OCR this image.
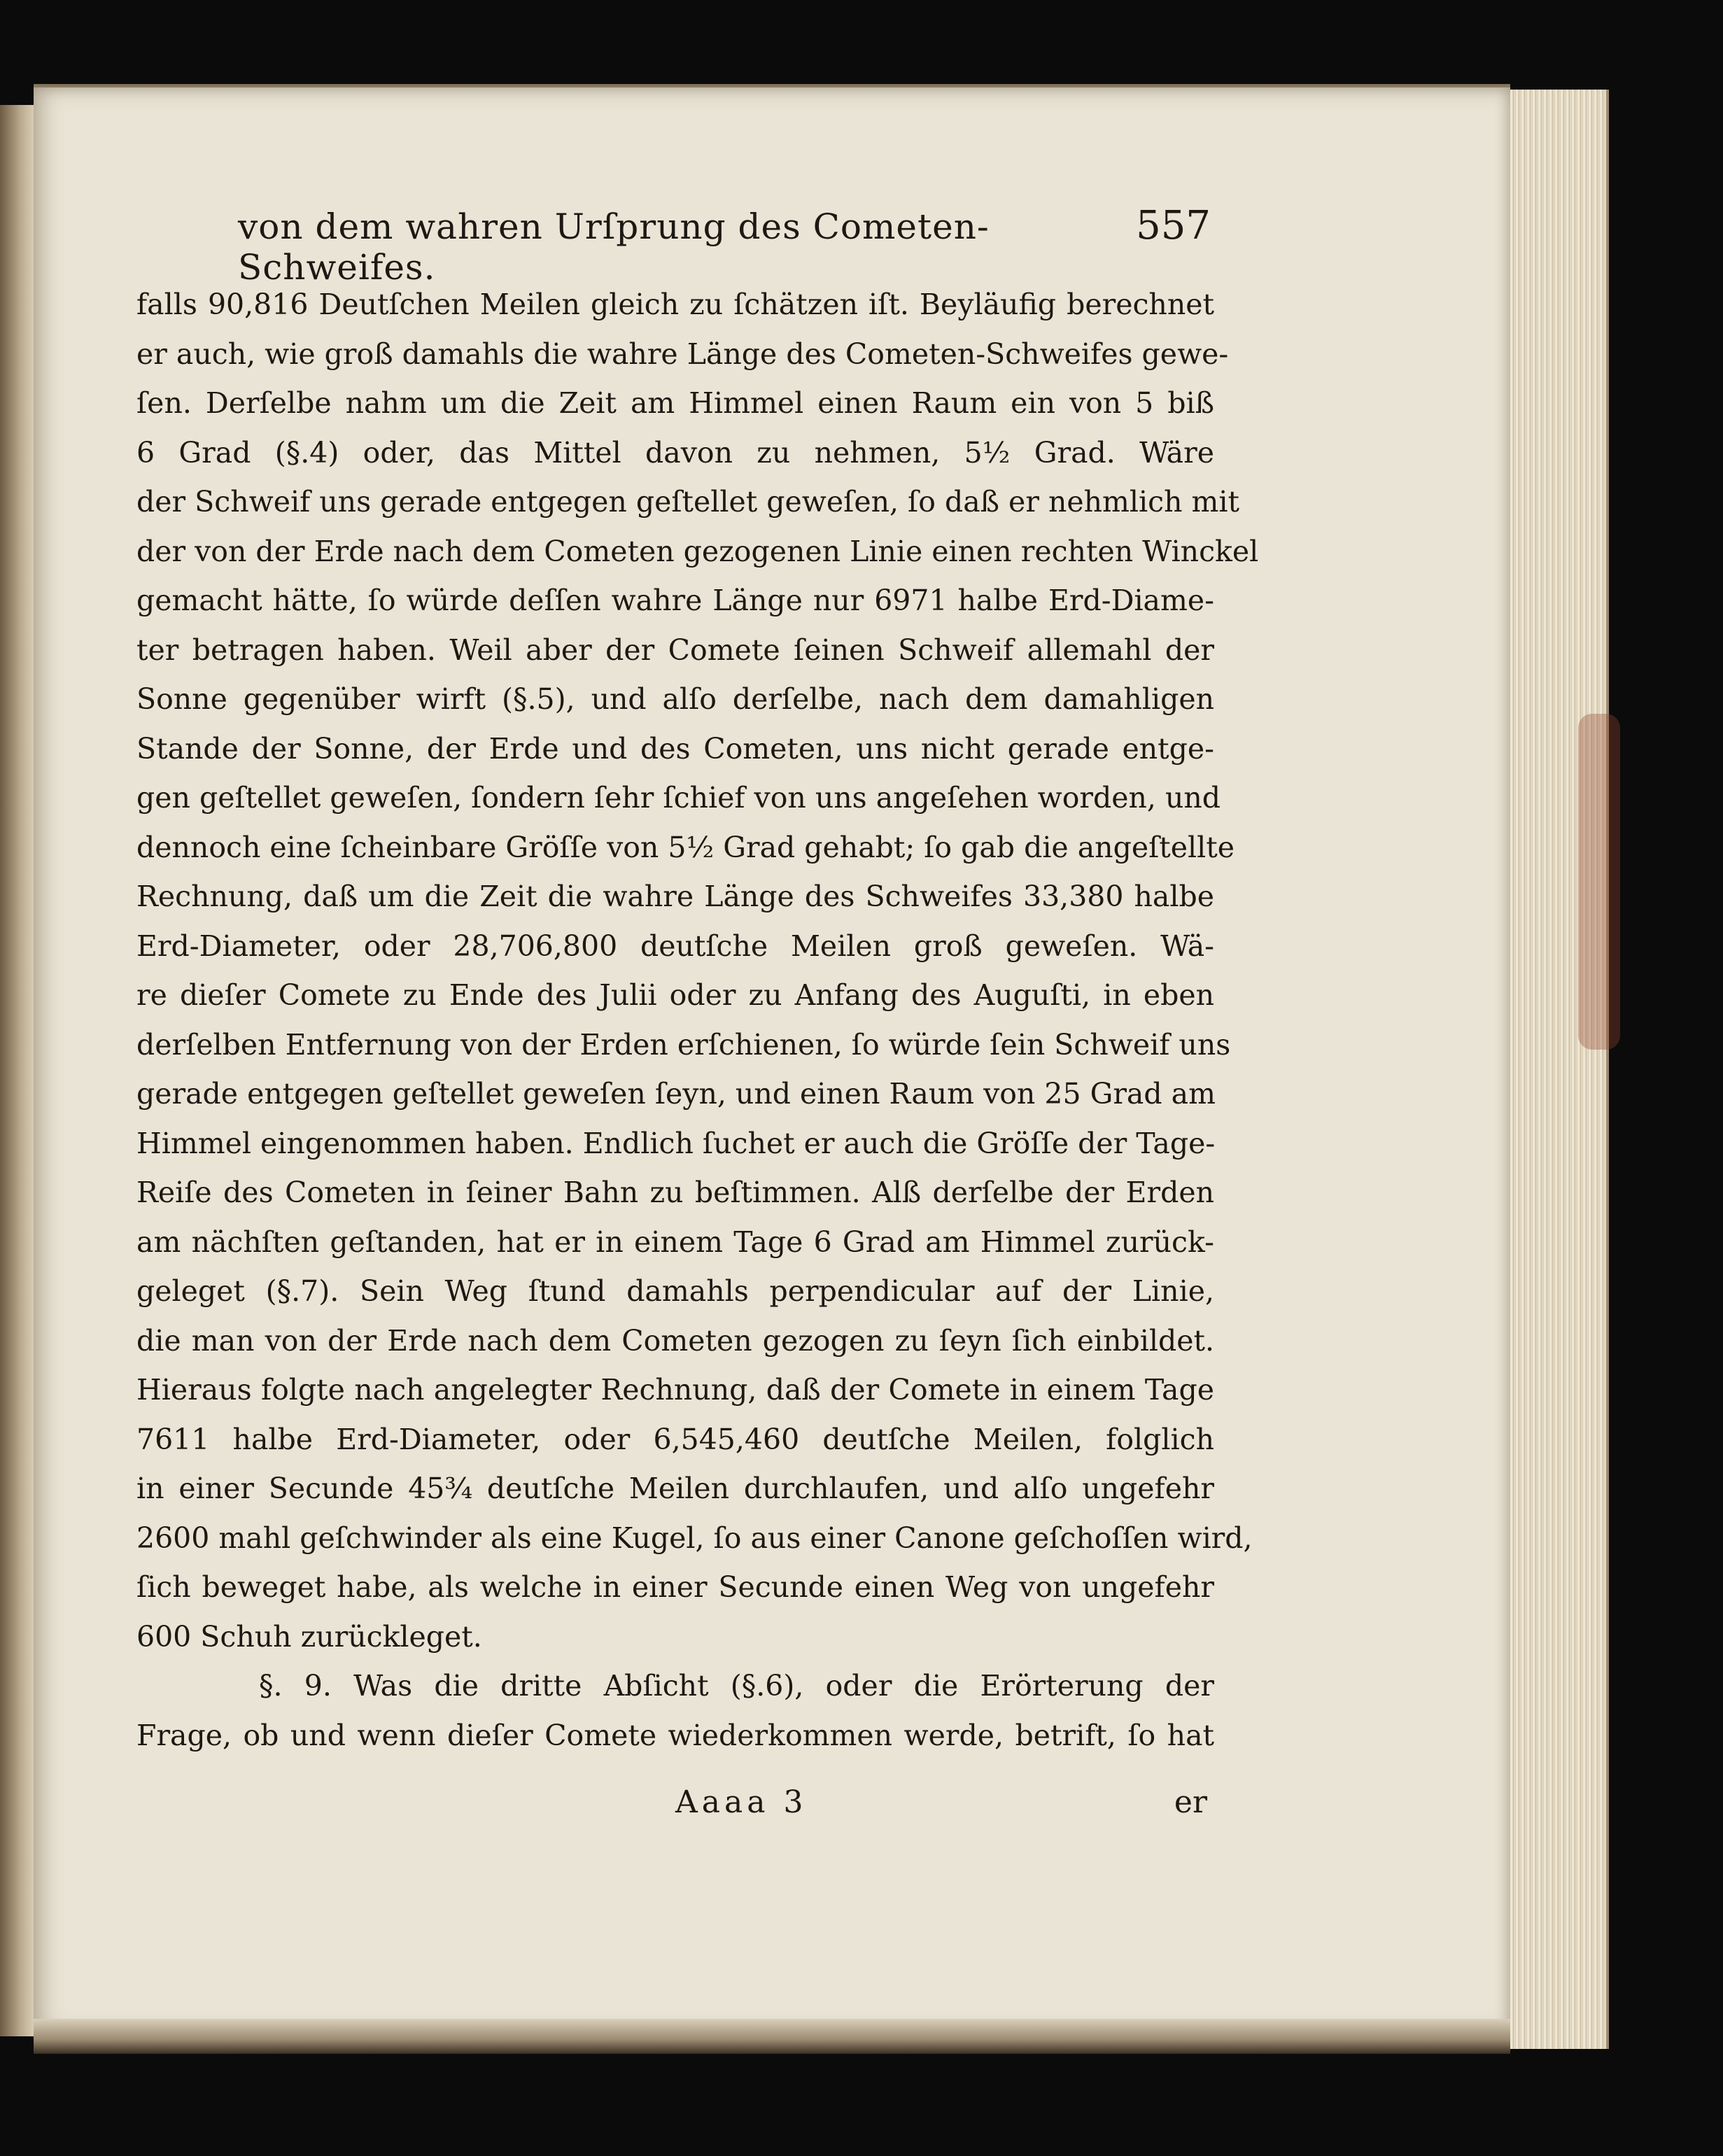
von dem wahren Urſprung des Cometen-Schweifes.
557
falls 90,816 Deutſchen Meilen gleich zu ſchätzen iſt. Beyläufig berechnet
er auch, wie groß damahls die wahre Länge des Cometen-Schweifes gewe-
ſen. Derſelbe nahm um die Zeit am Himmel einen Raum ein von 5 biß
6 Grad (§.4) oder, das Mittel davon zu nehmen, 5½ Grad. Wäre
der Schweif uns gerade entgegen geſtellet geweſen, ſo daß er nehmlich mit
der von der Erde nach dem Cometen gezogenen Linie einen rechten Winckel
gemacht hätte, ſo würde deſſen wahre Länge nur 6971 halbe Erd-Diame-
ter betragen haben. Weil aber der Comete ſeinen Schweif allemahl der
Sonne gegenüber wirft (§.5), und alſo derſelbe, nach dem damahligen
Stande der Sonne, der Erde und des Cometen, uns nicht gerade entge-
gen geſtellet geweſen, ſondern ſehr ſchief von uns angeſehen worden, und
dennoch eine ſcheinbare Gröſſe von 5½ Grad gehabt; ſo gab die angeſtellte
Rechnung, daß um die Zeit die wahre Länge des Schweifes 33,380 halbe
Erd-Diameter, oder 28,706,800 deutſche Meilen groß geweſen. Wä-
re dieſer Comete zu Ende des Julii oder zu Anfang des Auguſti, in eben
derſelben Entfernung von der Erden erſchienen, ſo würde ſein Schweif uns
gerade entgegen geſtellet geweſen ſeyn, und einen Raum von 25 Grad am
Himmel eingenommen haben. Endlich ſuchet er auch die Gröſſe der Tage-
Reiſe des Cometen in ſeiner Bahn zu beſtimmen. Alß derſelbe der Erden
am nächſten geſtanden, hat er in einem Tage 6 Grad am Himmel zurück-
geleget (§.7). Sein Weg ſtund damahls perpendicular auf der Linie,
die man von der Erde nach dem Cometen gezogen zu ſeyn ſich einbildet.
Hieraus folgte nach angelegter Rechnung, daß der Comete in einem Tage
7611 halbe Erd-Diameter, oder 6,545,460 deutſche Meilen, folglich
in einer Secunde 45¾ deutſche Meilen durchlaufen, und alſo ungefehr
2600 mahl geſchwinder als eine Kugel, ſo aus einer Canone geſchoſſen wird,
ſich beweget habe, als welche in einer Secunde einen Weg von ungefehr
600 Schuh zurückleget.
§. 9. Was die dritte Abſicht (§.6), oder die Erörterung der
Frage, ob und wenn dieſer Comete wiederkommen werde, betrift, ſo hat
Aaaa 3	er
